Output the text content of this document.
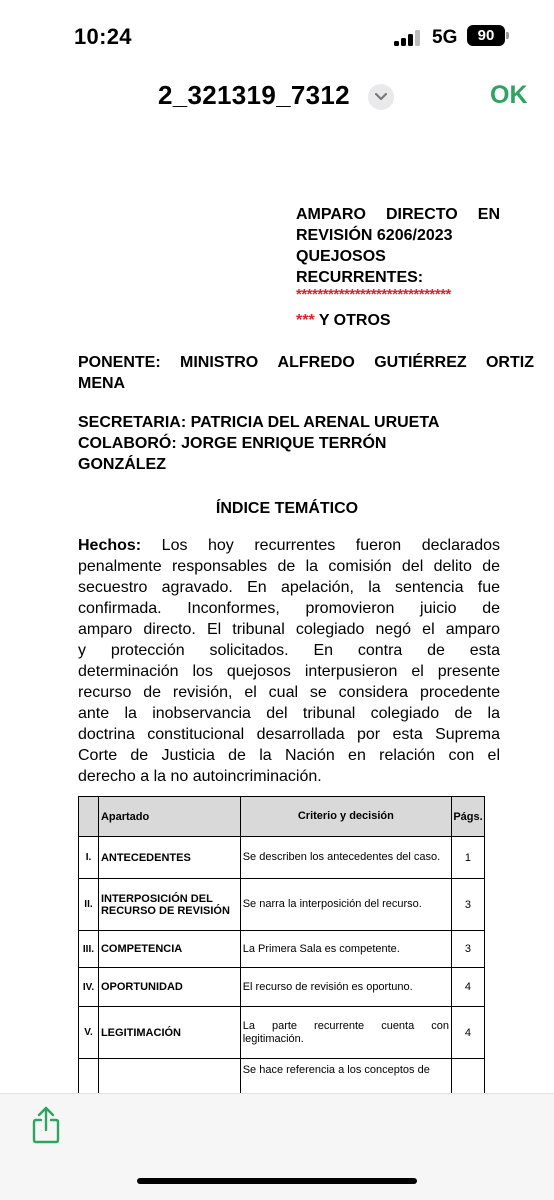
10:24	5G	90
2_321319_7312	OK
AMPARO DIRECTO EN
REVISIÓN 6206/2023
QUEJOSOS
RECURRENTES:
*****************************
*** Y OTROS
PONENTE: MINISTRO ALFREDO GUTIÉRREZ ORTIZ
MENA
SECRETARIA: PATRICIA DEL ARENAL URUETA
COLABORÓ: JORGE ENRIQUE TERRÓN
GONZÁLEZ
ÍNDICE TEMÁTICO
Hechos: Los hoy recurrentes fueron declarados
penalmente responsables de la comisión del delito de
secuestro agravado. En apelación, la sentencia fue
confirmada. Inconformes, promovieron juicio de
amparo directo. El tribunal colegiado negó el amparo
y protección solicitados. En contra de esta
determinación los quejosos interpusieron el presente
recurso de revisión, el cual se considera procedente
ante la inobservancia del tribunal colegiado de la
doctrina constitucional desarrollada por esta Suprema
Corte de Justicia de la Nación en relación con el
derecho a la no autoincriminación.
	Apartado	Criterio y decisión	Págs.
I.	ANTECEDENTES	Se describen los antecedentes del caso.	1
II.	INTERPOSICIÓN DEL
RECURSO DE REVISIÓN	Se narra la interposición del recurso.	3
III.	COMPETENCIA	La Primera Sala es competente.	3
IV.	OPORTUNIDAD	El recurso de revisión es oportuno.	4
V.	LEGITIMACIÓN	La parte recurrente cuenta con legitimación.	4
		Se hace referencia a los conceptos de	
